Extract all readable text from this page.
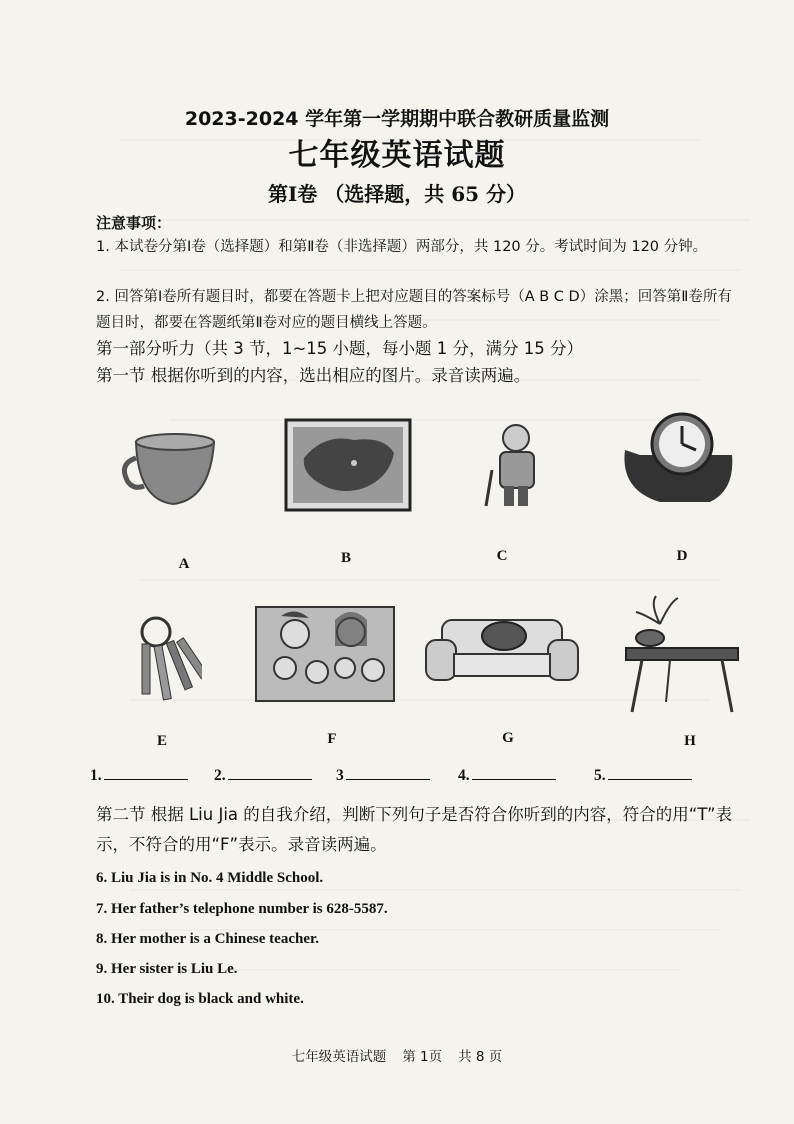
2023-2024 学年第一学期期中联合教研质量监测
七年级英语试题
第Ⅰ卷 （选择题，共 65 分）
注意事项：
1. 本试卷分第Ⅰ卷（选择题）和第Ⅱ卷（非选择题）两部分，共 120 分。考试时间为 120 分钟。
2. 回答第Ⅰ卷所有题目时，都要在答题卡上把对应题目的答案标号（A B C D）涂黑；回答第Ⅱ卷所有题目时，都要在答题纸第Ⅱ卷对应的题目横线上答题。
第一部分听力（共 3 节，1~15 小题，每小题 1 分，满分 15 分）
第一节 根据你听到的内容，选出相应的图片。录音读两遍。
A	B	C	D
E	F	G	H
1.	2.	3	4.	5.
第二节 根据 Liu Jia 的自我介绍，判断下列句子是否符合你听到的内容，符合的用“T”表示，不符合的用“F”表示。录音读两遍。
6. Liu Jia is in No. 4 Middle School.
7. Her father’s telephone number is 628-5587.
8. Her mother is a Chinese teacher.
9. Her sister is Liu Le.
10. Their dog is black and white.
七年级英语试题 第 1页 共 8 页
